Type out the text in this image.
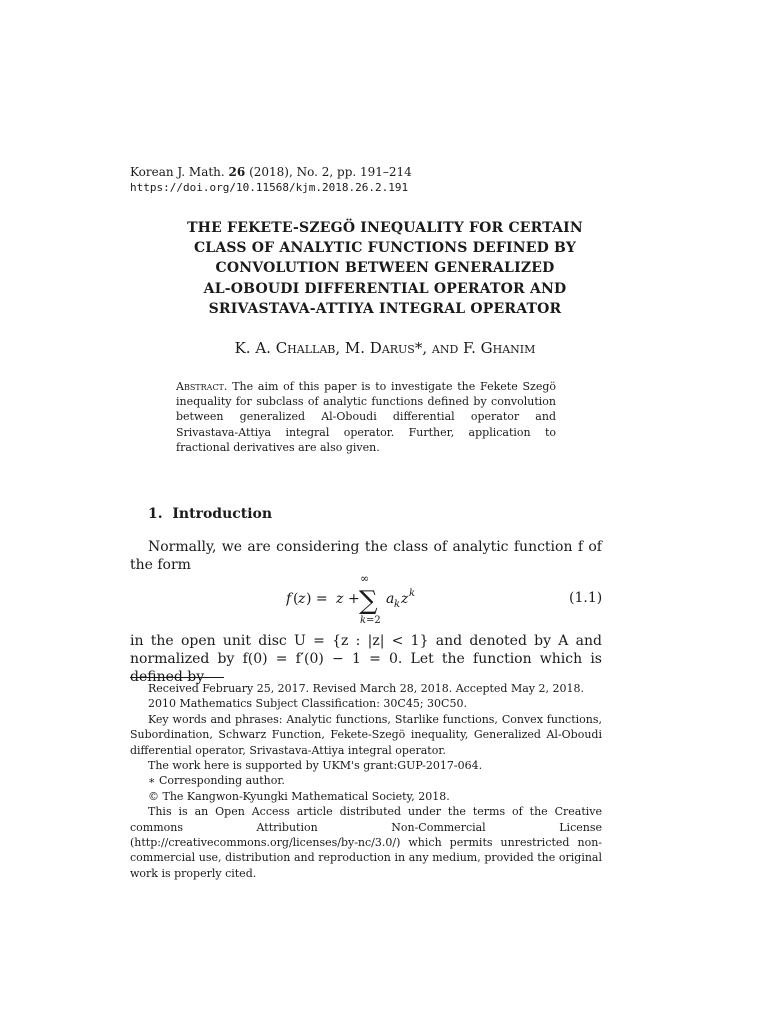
Korean J. Math. 26 (2018), No. 2, pp. 191–214
https://doi.org/10.11568/kjm.2018.26.2.191
THE FEKETE-SZEGÖ INEQUALITY FOR CERTAIN
CLASS OF ANALYTIC FUNCTIONS DEFINED BY
CONVOLUTION BETWEEN GENERALIZED
AL-OBOUDI DIFFERENTIAL OPERATOR AND
SRIVASTAVA-ATTIYA INTEGRAL OPERATOR
K. A. Challab, M. Darus*, and F. Ghanim
Abstract. The aim of this paper is to investigate the Fekete Szegö inequality for subclass of analytic functions defined by convolution between generalized Al-Oboudi differential operator and Srivastava-Attiya integral operator. Further, application to fractional derivatives are also given.
1. Introduction
Normally, we are considering the class of analytic function f of the form
f ( z ) = z +
∞
∑
k =2
a k z k	(1.1)
in the open unit disc U = {z : |z| < 1} and denoted by A and normalized by f(0) = f′(0) − 1 = 0. Let the function which is defined by
Received February 25, 2017. Revised March 28, 2018. Accepted May 2, 2018.
2010 Mathematics Subject Classification: 30C45; 30C50.
Key words and phrases: Analytic functions, Starlike functions, Convex functions, Subordination, Schwarz Function, Fekete-Szegö inequality, Generalized Al-Oboudi differential operator, Srivastava-Attiya integral operator.
The work here is supported by UKM's grant:GUP-2017-064.
∗ Corresponding author.
© The Kangwon-Kyungki Mathematical Society, 2018.
This is an Open Access article distributed under the terms of the Creative commons Attribution Non-Commercial License (http://creativecommons.org/licenses/by-nc/3.0/) which permits unrestricted non-commercial use, distribution and reproduction in any medium, provided the original work is properly cited.
